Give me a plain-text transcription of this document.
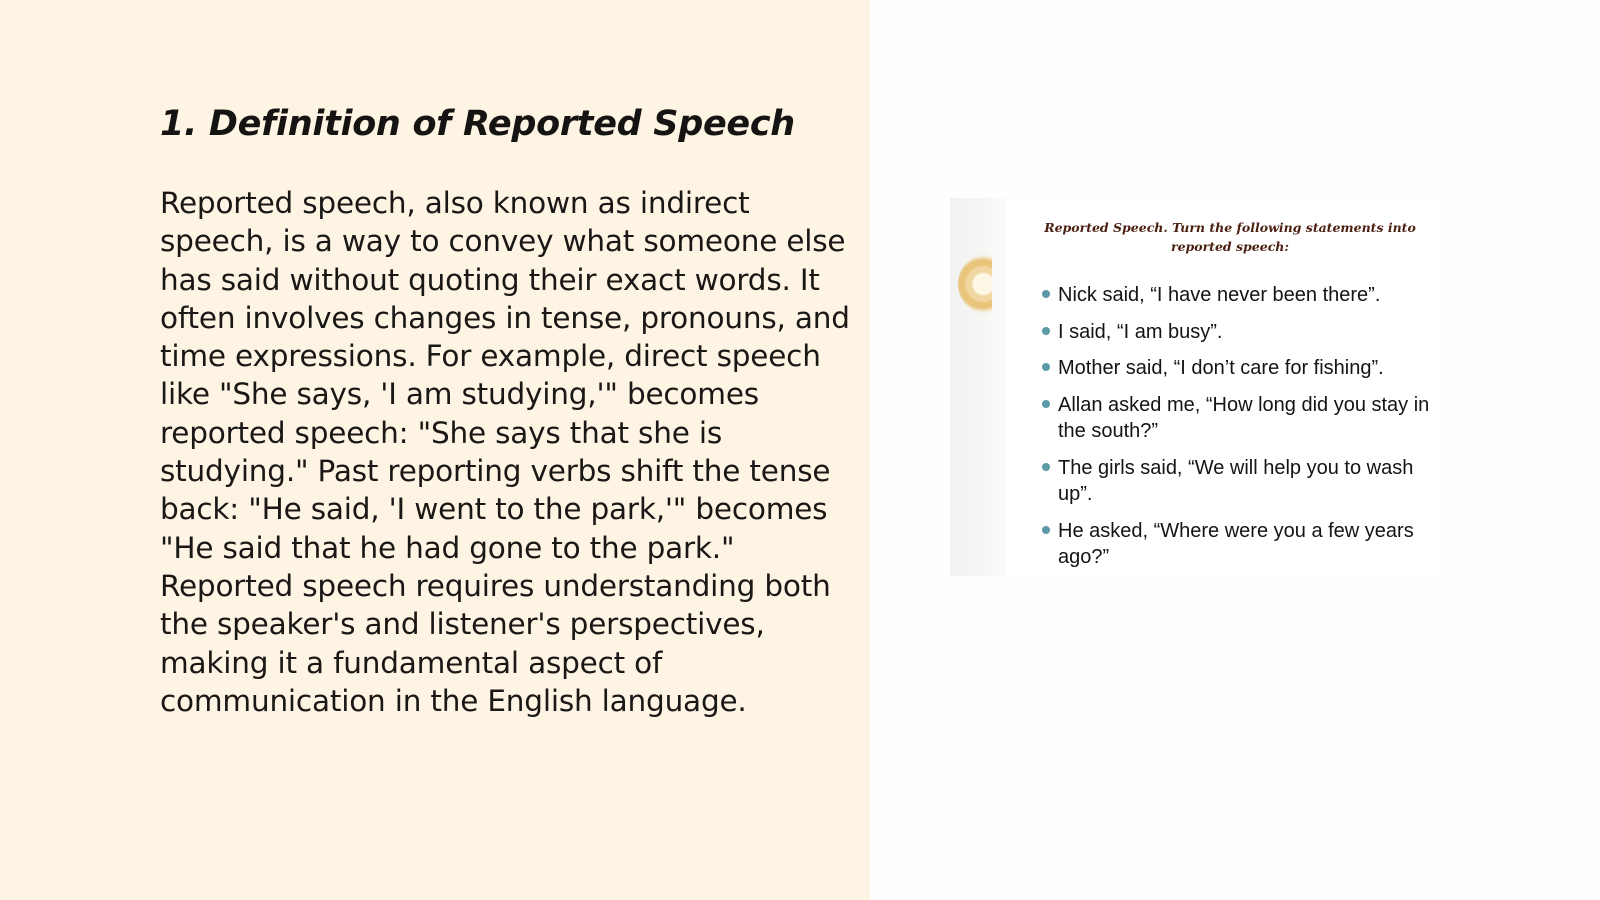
1. Definition of Reported Speech

Reported speech, also known as indirect speech, is a way to convey what someone else has said without quoting their exact words. It often involves changes in tense, pronouns, and time expressions. For example, direct speech like "She says, 'I am studying,'" becomes reported speech: "She says that she is studying." Past reporting verbs shift the tense back: "He said, 'I went to the park,'" becomes "He said that he had gone to the park." Reported speech requires understanding both the speaker's and listener's perspectives, making it a fundamental aspect of communication in the English language.

Reported Speech. Turn the following statements into reported speech:

Nick said, “I have never been there”.
I said, “I am busy”.
Mother said, “I don’t care for fishing”.
Allan asked me, “How long did you stay in the south?”
The girls said, “We will help you to wash up”.
He asked, “Where were you a few years ago?”
